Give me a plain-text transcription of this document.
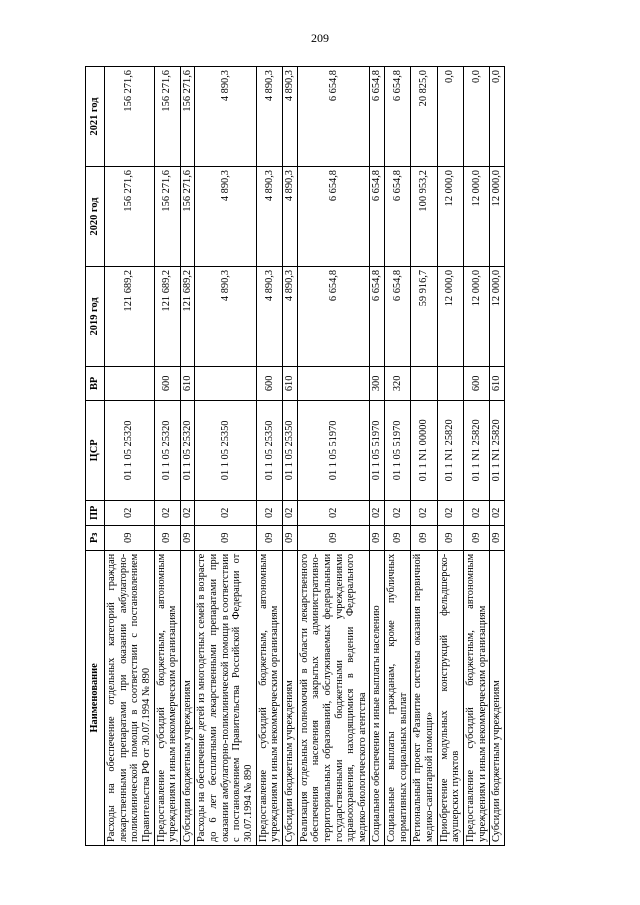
209
Наименование	Рз	ПР	ЦСР	ВР	2019 год	2020 год	2021 год
Расходы на обеспечение отдельных категорий граждан лекарственными препаратами при оказании амбулаторно-поликлинической помощи в соответствии с постановлением Правительства РФ от 30.07.1994 № 890	09	02	01 1 05 25320		121 689,2	156 271,6	156 271,6
Предоставление субсидий бюджетным, автономным учреждениям и иным некоммерческим организациям	09	02	01 1 05 25320	600	121 689,2	156 271,6	156 271,6
Субсидии бюджетным учреждениям	09	02	01 1 05 25320	610	121 689,2	156 271,6	156 271,6
Расходы на обеспечение детей из многодетных семей в возрасте до 6 лет бесплатными лекарственными препаратами при оказании амбулаторно-поликлинической помощи в соответствии с постановлением Правительства Российской Федерации от 30.07.1994 № 890	09	02	01 1 05 25350		4 890,3	4 890,3	4 890,3
Предоставление субсидий бюджетным, автономным учреждениям и иным некоммерческим организациям	09	02	01 1 05 25350	600	4 890,3	4 890,3	4 890,3
Субсидии бюджетным учреждениям	09	02	01 1 05 25350	610	4 890,3	4 890,3	4 890,3
Реализация отдельных полномочий в области лекарственного обеспечения населения закрытых административно-территориальных образований, обслуживаемых федеральными государственными бюджетными учреждениями здравоохранения, находящимися в ведении Федерального медико-биологического агентства	09	02	01 1 05 51970		6 654,8	6 654,8	6 654,8
Социальное обеспечение и иные выплаты населению	09	02	01 1 05 51970	300	6 654,8	6 654,8	6 654,8
Социальные выплаты гражданам, кроме публичных нормативных социальных выплат	09	02	01 1 05 51970	320	6 654,8	6 654,8	6 654,8
Региональный проект «Развитие системы оказания первичной медико-санитарной помощи»	09	02	01 1 N1 00000		59 916,7	100 953,2	20 825,0
Приобретение модульных конструкций фельдшерско-акушерских пунктов	09	02	01 1 N1 25820		12 000,0	12 000,0	0,0
Предоставление субсидий бюджетным, автономным учреждениям и иным некоммерческим организациям	09	02	01 1 N1 25820	600	12 000,0	12 000,0	0,0
Субсидии бюджетным учреждениям	09	02	01 1 N1 25820	610	12 000,0	12 000,0	0,0
